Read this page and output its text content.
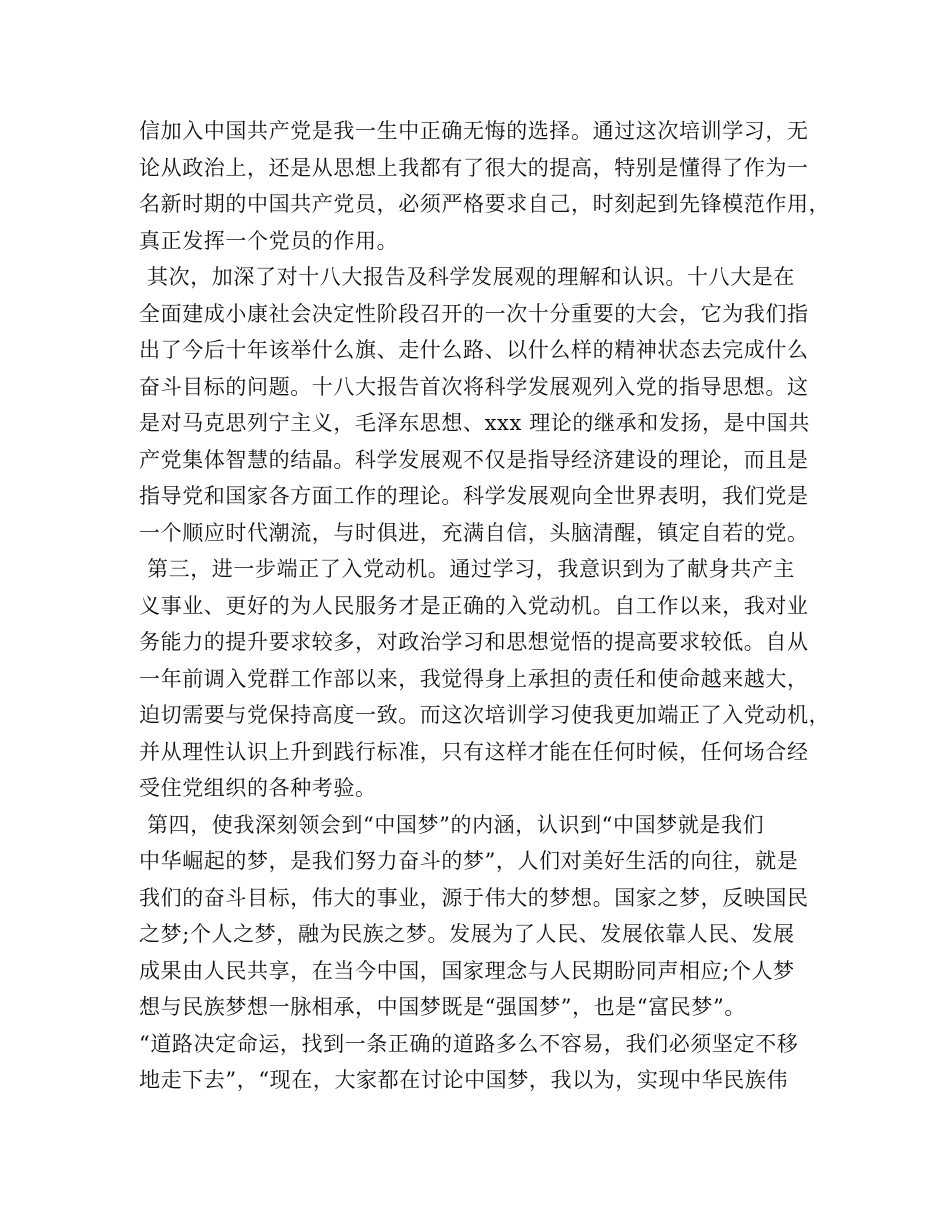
信加入中国共产党是我一生中正确无悔的选择。通过这次培训学习，无
论从政治上，还是从思想上我都有了很大的提高，特别是懂得了作为一
名新时期的中国共产党员，必须严格要求自己，时刻起到先锋模范作用，
真正发挥一个党员的作用。
其次，加深了对十八大报告及科学发展观的理解和认识。十八大是在
全面建成小康社会决定性阶段召开的一次十分重要的大会，它为我们指
出了今后十年该举什么旗、走什么路、以什么样的精神状态去完成什么
奋斗目标的问题。十八大报告首次将科学发展观列入党的指导思想。这
是对马克思列宁主义，毛泽东思想、xxx 理论的继承和发扬，是中国共
产党集体智慧的结晶。科学发展观不仅是指导经济建设的理论，而且是
指导党和国家各方面工作的理论。科学发展观向全世界表明，我们党是
一个顺应时代潮流，与时俱进，充满自信，头脑清醒，镇定自若的党。
第三，进一步端正了入党动机。通过学习，我意识到为了献身共产主
义事业、更好的为人民服务才是正确的入党动机。自工作以来，我对业
务能力的提升要求较多，对政治学习和思想觉悟的提高要求较低。自从
一年前调入党群工作部以来，我觉得身上承担的责任和使命越来越大，
迫切需要与党保持高度一致。而这次培训学习使我更加端正了入党动机，
并从理性认识上升到践行标准，只有这样才能在任何时候，任何场合经
受住党组织的各种考验。
第四，使我深刻领会到“中国梦”的内涵，认识到“中国梦就是我们
中华崛起的梦，是我们努力奋斗的梦”，人们对美好生活的向往，就是
我们的奋斗目标，伟大的事业，源于伟大的梦想。国家之梦，反映国民
之梦;个人之梦，融为民族之梦。发展为了人民、发展依靠人民、发展
成果由人民共享，在当今中国，国家理念与人民期盼同声相应;个人梦
想与民族梦想一脉相承，中国梦既是“强国梦”，也是“富民梦”。
“道路决定命运，找到一条正确的道路多么不容易，我们必须坚定不移
地走下去”，“现在，大家都在讨论中国梦，我以为，实现中华民族伟
